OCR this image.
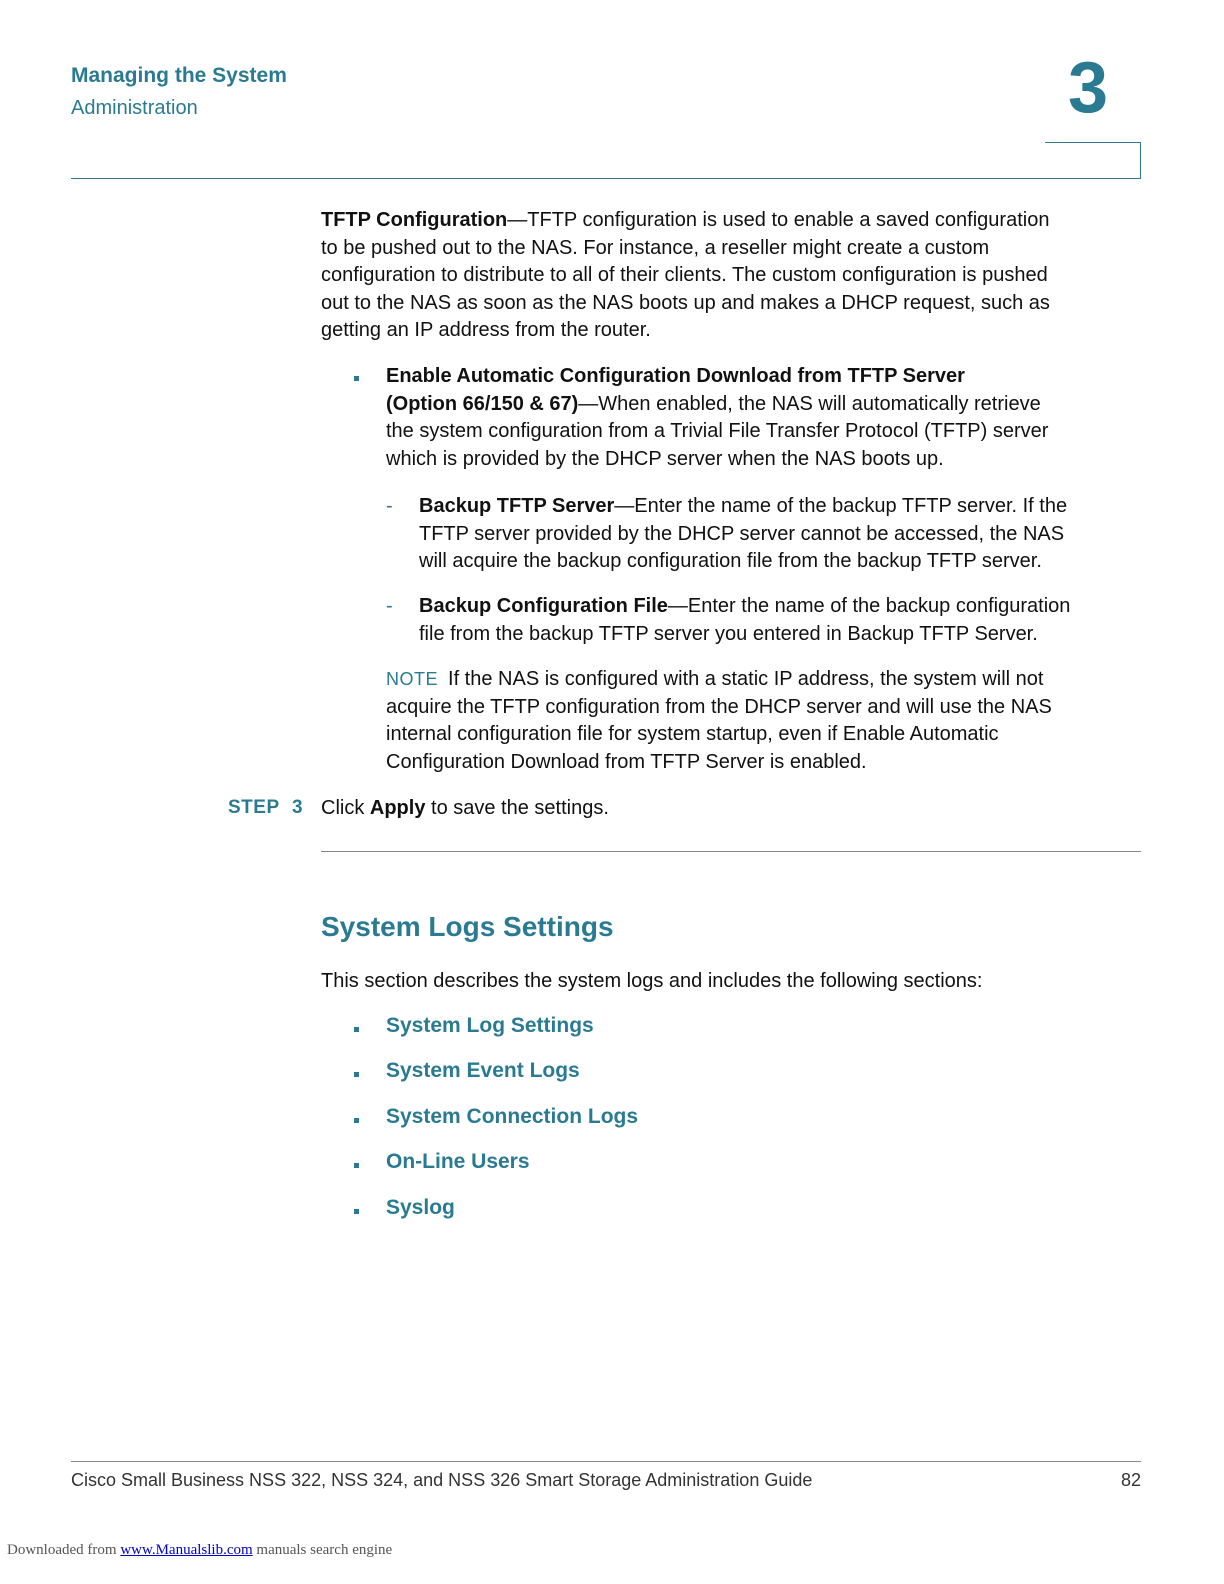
Managing the System
Administration	3
TFTP Configuration—TFTP configuration is used to enable a saved configuration
to be pushed out to the NAS. For instance, a reseller might create a custom
configuration to distribute to all of their clients. The custom configuration is pushed
out to the NAS as soon as the NAS boots up and makes a DHCP request, such as
getting an IP address from the router.
Enable Automatic Configuration Download from TFTP Server
(Option 66/150 & 67)—When enabled, the NAS will automatically retrieve
the system configuration from a Trivial File Transfer Protocol (TFTP) server
which is provided by the DHCP server when the NAS boots up.
- Backup TFTP Server—Enter the name of the backup TFTP server. If the
TFTP server provided by the DHCP server cannot be accessed, the NAS
will acquire the backup configuration file from the backup TFTP server.
- Backup Configuration File—Enter the name of the backup configuration
file from the backup TFTP server you entered in Backup TFTP Server.
NOTE If the NAS is configured with a static IP address, the system will not
acquire the TFTP configuration from the DHCP server and will use the NAS
internal configuration file for system startup, even if Enable Automatic
Configuration Download from TFTP Server is enabled.
STEP 3 Click Apply to save the settings.
System Logs Settings
This section describes the system logs and includes the following sections:
System Log Settings
System Event Logs
System Connection Logs
On-Line Users
Syslog
Cisco Small Business NSS 322, NSS 324, and NSS 326 Smart Storage Administration Guide	82
Downloaded from www.Manualslib.com manuals search engine
